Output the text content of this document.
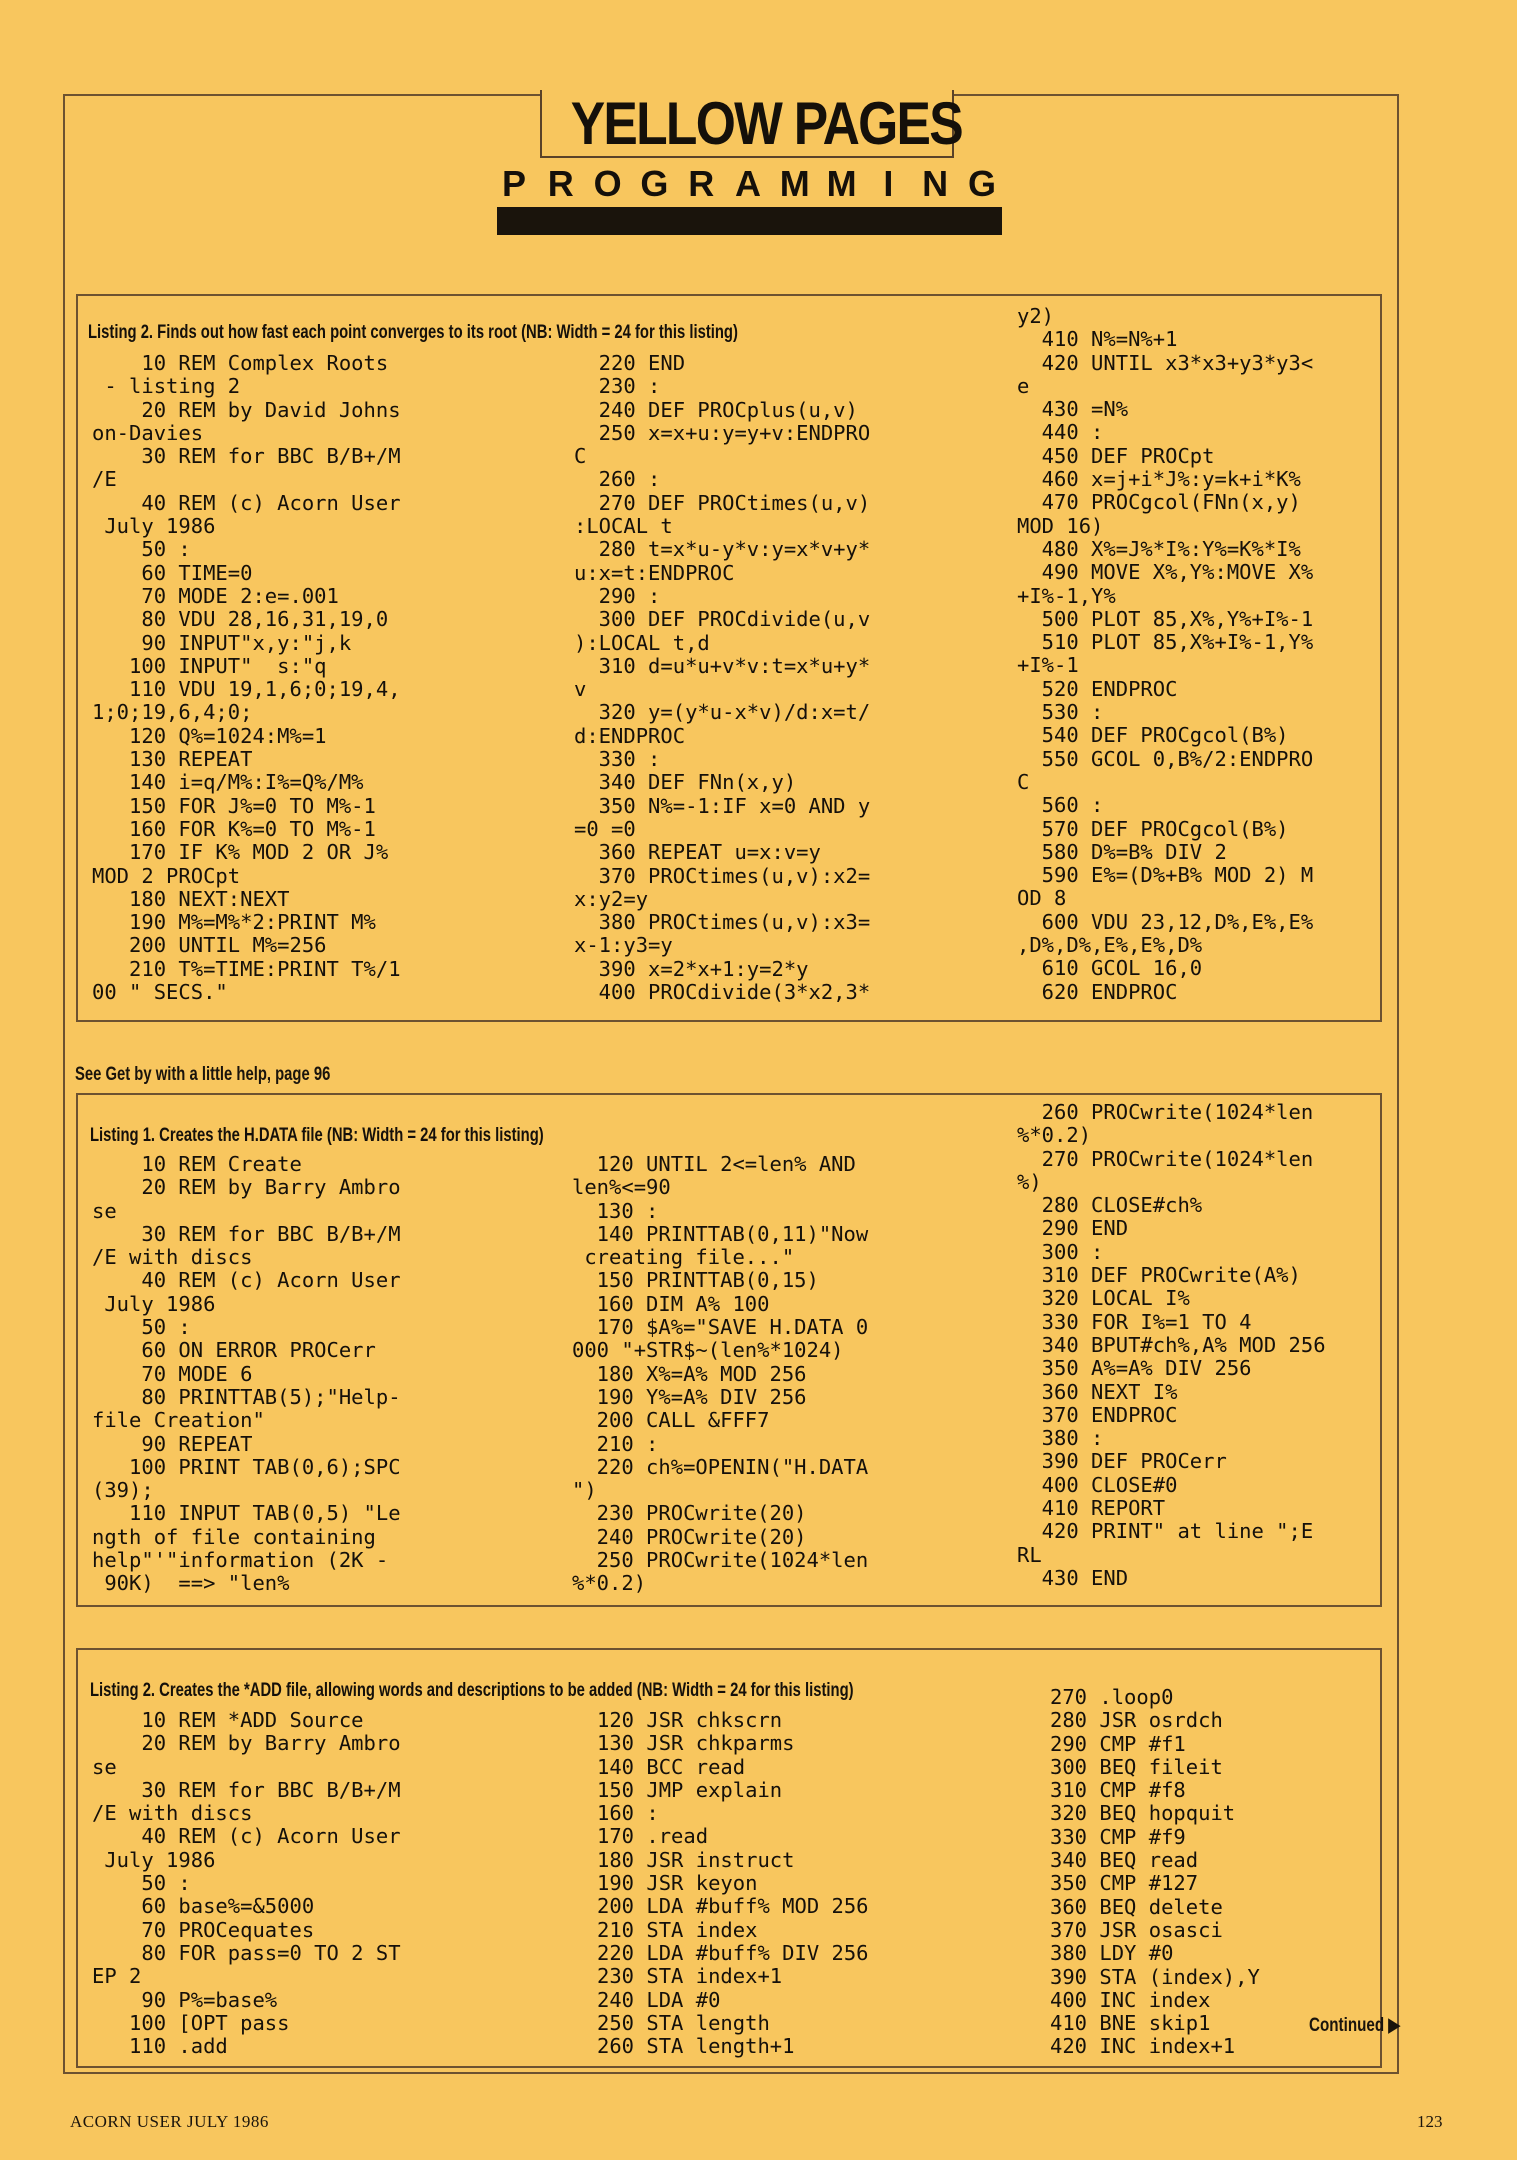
YELLOW PAGES
P R O G R A M M I N G
Listing 2. Finds out how fast each point converges to its root (NB: Width = 24 for this listing)
10 REM Complex Roots
- listing 2
20 REM by David Johns
on-Davies
30 REM for BBC B/B+/M
/E
40 REM (c) Acorn User
July 1986
50 :
60 TIME=0
70 MODE 2:e=.001
80 VDU 28,16,31,19,0
90 INPUT"x,y:"j,k
100 INPUT"  s:"q
110 VDU 19,1,6;0;19,4,
1;0;19,6,4;0;
120 Q%=1024:M%=1
130 REPEAT
140 i=q/M%:I%=Q%/M%
150 FOR J%=0 TO M%-1
160 FOR K%=0 TO M%-1
170 IF K% MOD 2 OR J%
MOD 2 PROCpt
180 NEXT:NEXT
190 M%=M%*2:PRINT M%
200 UNTIL M%=256
210 T%=TIME:PRINT T%/1
00 " SECS."
220 END
230 :
240 DEF PROCplus(u,v)
250 x=x+u:y=y+v:ENDPRO
C
260 :
270 DEF PROCtimes(u,v)
:LOCAL t
280 t=x*u-y*v:y=x*v+y*
u:x=t:ENDPROC
290 :
300 DEF PROCdivide(u,v
):LOCAL t,d
310 d=u*u+v*v:t=x*u+y*
v
320 y=(y*u-x*v)/d:x=t/
d:ENDPROC
330 :
340 DEF FNn(x,y)
350 N%=-1:IF x=0 AND y
=0 =0
360 REPEAT u=x:v=y
370 PROCtimes(u,v):x2=
x:y2=y
380 PROCtimes(u,v):x3=
x-1:y3=y
390 x=2*x+1:y=2*y
400 PROCdivide(3*x2,3*
y2)
410 N%=N%+1
420 UNTIL x3*x3+y3*y3<
e
430 =N%
440 :
450 DEF PROCpt
460 x=j+i*J%:y=k+i*K%
470 PROCgcol(FNn(x,y)
MOD 16)
480 X%=J%*I%:Y%=K%*I%
490 MOVE X%,Y%:MOVE X%
+I%-1,Y%
500 PLOT 85,X%,Y%+I%-1
510 PLOT 85,X%+I%-1,Y%
+I%-1
520 ENDPROC
530 :
540 DEF PROCgcol(B%)
550 GCOL 0,B%/2:ENDPRO
C
560 :
570 DEF PROCgcol(B%)
580 D%=B% DIV 2
590 E%=(D%+B% MOD 2) M
OD 8
600 VDU 23,12,D%,E%,E%
,D%,D%,E%,E%,D%
610 GCOL 16,0
620 ENDPROC
See Get by with a little help, page 96
Listing 1. Creates the H.DATA file (NB: Width = 24 for this listing)
10 REM Create
20 REM by Barry Ambro
se
30 REM for BBC B/B+/M
/E with discs
40 REM (c) Acorn User
July 1986
50 :
60 ON ERROR PROCerr
70 MODE 6
80 PRINTTAB(5);"Help-
file Creation"
90 REPEAT
100 PRINT TAB(0,6);SPC
(39);
110 INPUT TAB(0,5) "Le
ngth of file containing
help"'"information (2K -
90K)  ==> "len%
120 UNTIL 2<=len% AND
len%<=90
130 :
140 PRINTTAB(0,11)"Now
creating file..."
150 PRINTTAB(0,15)
160 DIM A% 100
170 $A%="SAVE H.DATA 0
000 "+STR$~(len%*1024)
180 X%=A% MOD 256
190 Y%=A% DIV 256
200 CALL &FFF7
210 :
220 ch%=OPENIN("H.DATA
")
230 PROCwrite(20)
240 PROCwrite(20)
250 PROCwrite(1024*len
%*0.2)
260 PROCwrite(1024*len
%*0.2)
270 PROCwrite(1024*len
%)
280 CLOSE#ch%
290 END
300 :
310 DEF PROCwrite(A%)
320 LOCAL I%
330 FOR I%=1 TO 4
340 BPUT#ch%,A% MOD 256
350 A%=A% DIV 256
360 NEXT I%
370 ENDPROC
380 :
390 DEF PROCerr
400 CLOSE#0
410 REPORT
420 PRINT" at line ";E
RL
430 END
Listing 2. Creates the *ADD file, allowing words and descriptions to be added (NB: Width = 24 for this listing)
10 REM *ADD Source
20 REM by Barry Ambro
se
30 REM for BBC B/B+/M
/E with discs
40 REM (c) Acorn User
July 1986
50 :
60 base%=&5000
70 PROCequates
80 FOR pass=0 TO 2 ST
EP 2
90 P%=base%
100 [OPT pass
110 .add
120 JSR chkscrn
130 JSR chkparms
140 BCC read
150 JMP explain
160 :
170 .read
180 JSR instruct
190 JSR keyon
200 LDA #buff% MOD 256
210 STA index
220 LDA #buff% DIV 256
230 STA index+1
240 LDA #0
250 STA length
260 STA length+1
270 .loop0
280 JSR osrdch
290 CMP #f1
300 BEQ fileit
310 CMP #f8
320 BEQ hopquit
330 CMP #f9
340 BEQ read
350 CMP #127
360 BEQ delete
370 JSR osasci
380 LDY #0
390 STA (index),Y
400 INC index
410 BNE skip1
420 INC index+1
Continued ▶
ACORN USER JULY 1986	123
